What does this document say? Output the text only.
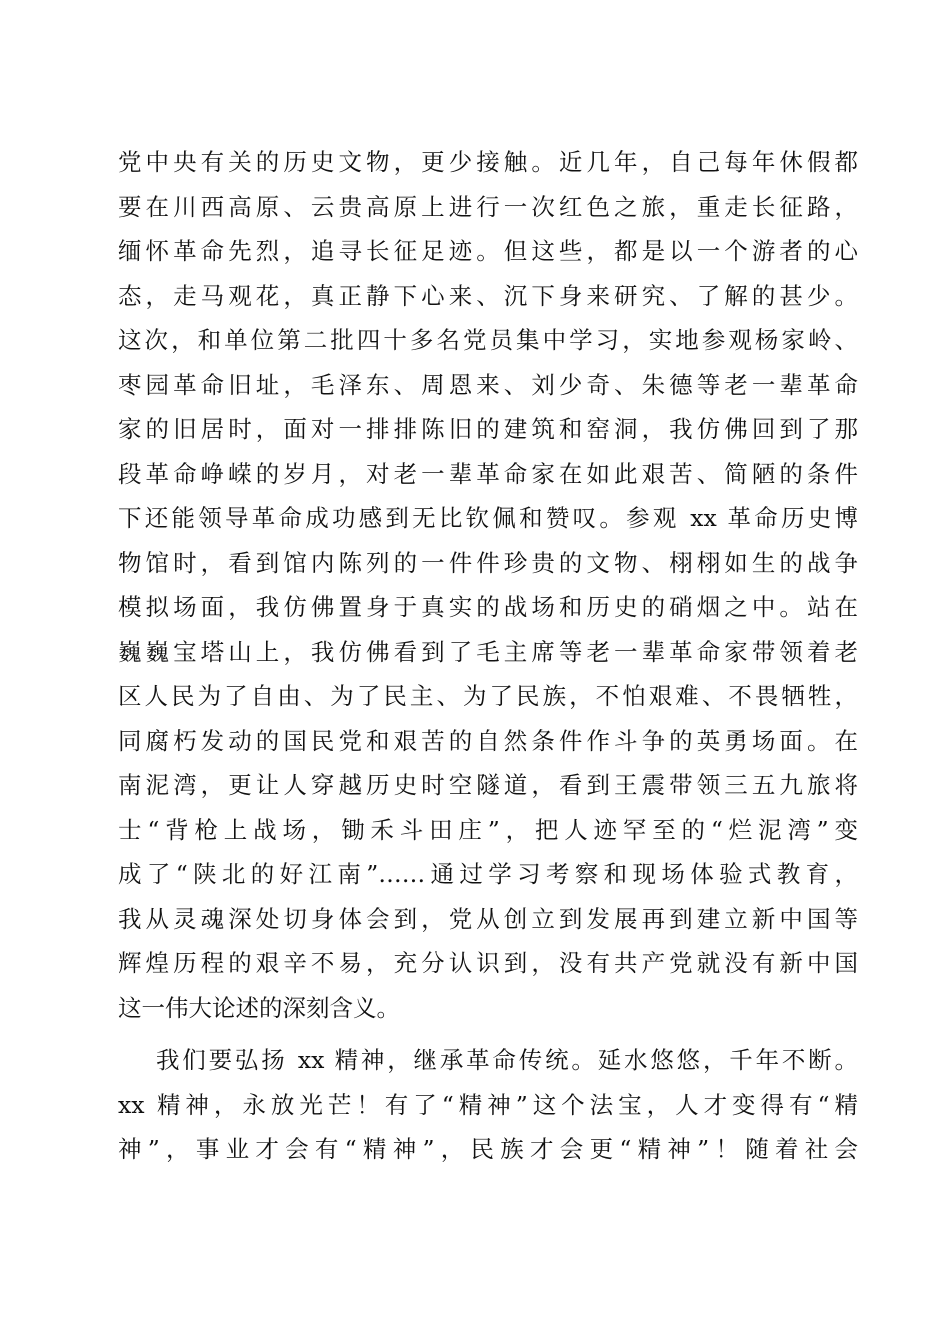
党中央有关的历史文物，更少接触。近几年，自己每年休假都
要在川西高原、云贵高原上进行一次红色之旅，重走长征路，
缅怀革命先烈，追寻长征足迹。但这些，都是以一个游者的心
态，走马观花，真正静下心来、沉下身来研究、了解的甚少。
这次，和单位第二批四十多名党员集中学习，实地参观杨家岭、
枣园革命旧址，毛泽东、周恩来、刘少奇、朱德等老一辈革命
家的旧居时，面对一排排陈旧的建筑和窑洞，我仿佛回到了那
段革命峥嵘的岁月，对老一辈革命家在如此艰苦、简陋的条件
下还能领导革命成功感到无比钦佩和赞叹。参观 xx 革命历史博
物馆时，看到馆内陈列的一件件珍贵的文物、栩栩如生的战争
模拟场面，我仿佛置身于真实的战场和历史的硝烟之中。站在
巍巍宝塔山上，我仿佛看到了毛主席等老一辈革命家带领着老
区人民为了自由、为了民主、为了民族，不怕艰难、不畏牺牲，
同腐朽发动的国民党和艰苦的自然条件作斗争的英勇场面。在
南泥湾，更让人穿越历史时空隧道，看到王震带领三五九旅将
士“背枪上战场，锄禾斗田庄”，把人迹罕至的“烂泥湾”变
成了“陕北的好江南”……通过学习考察和现场体验式教育，
我从灵魂深处切身体会到，党从创立到发展再到建立新中国等
辉煌历程的艰辛不易，充分认识到，没有共产党就没有新中国
这一伟大论述的深刻含义。
我们要弘扬 xx 精神，继承革命传统。延水悠悠，千年不断。
xx 精神，永放光芒！有了“精神”这个法宝，人才变得有“精
神”，事业才会有“精神”，民族才会更“精神”！随着社会
